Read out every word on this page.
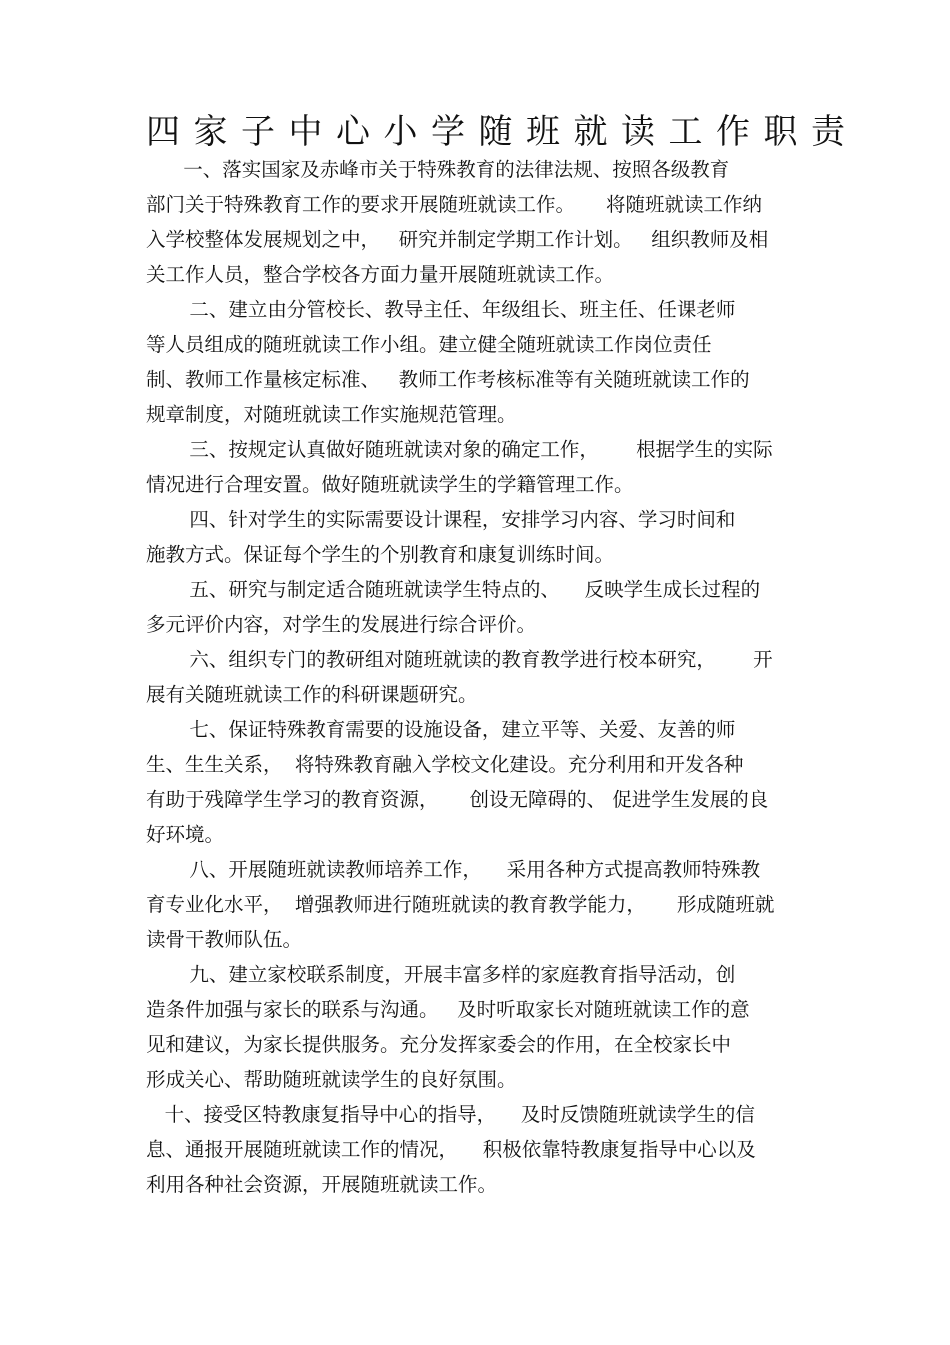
四家子中心小学随班就读工作职责

一、落实国家及赤峰市关于特殊教育的法律法规、按照各级教育
部门关于特殊教育工作的要求开展随班就读工作。     将随班就读工作纳
入学校整体发展规划之中，   研究并制定学期工作计划。   组织教师及相
关工作人员，整合学校各方面力量开展随班就读工作。

二、建立由分管校长、教导主任、年级组长、班主任、任课老师
等人员组成的随班就读工作小组。建立健全随班就读工作岗位责任
制、教师工作量核定标准、   教师工作考核标准等有关随班就读工作的
规章制度，对随班就读工作实施规范管理。

三、按规定认真做好随班就读对象的确定工作，      根据学生的实际
情况进行合理安置。做好随班就读学生的学籍管理工作。

四、针对学生的实际需要设计课程，安排学习内容、学习时间和
施教方式。保证每个学生的个别教育和康复训练时间。

五、研究与制定适合随班就读学生特点的、    反映学生成长过程的
多元评价内容，对学生的发展进行综合评价。

六、组织专门的教研组对随班就读的教育教学进行校本研究，      开
展有关随班就读工作的科研课题研究。

七、保证特殊教育需要的设施设备，建立平等、关爱、友善的师
生、生生关系，  将特殊教育融入学校文化建设。充分利用和开发各种
有助于残障学生学习的教育资源，     创设无障碍的、 促进学生发展的良
好环境。

八、开展随班就读教师培养工作，    采用各种方式提高教师特殊教
育专业化水平，  增强教师进行随班就读的教育教学能力，     形成随班就
读骨干教师队伍。

九、建立家校联系制度，开展丰富多样的家庭教育指导活动，创
造条件加强与家长的联系与沟通。   及时听取家长对随班就读工作的意
见和建议，为家长提供服务。充分发挥家委会的作用，在全校家长中
形成关心、帮助随班就读学生的良好氛围。

十、接受区特教康复指导中心的指导，    及时反馈随班就读学生的信
息、通报开展随班就读工作的情况，    积极依靠特教康复指导中心以及
利用各种社会资源，开展随班就读工作。
